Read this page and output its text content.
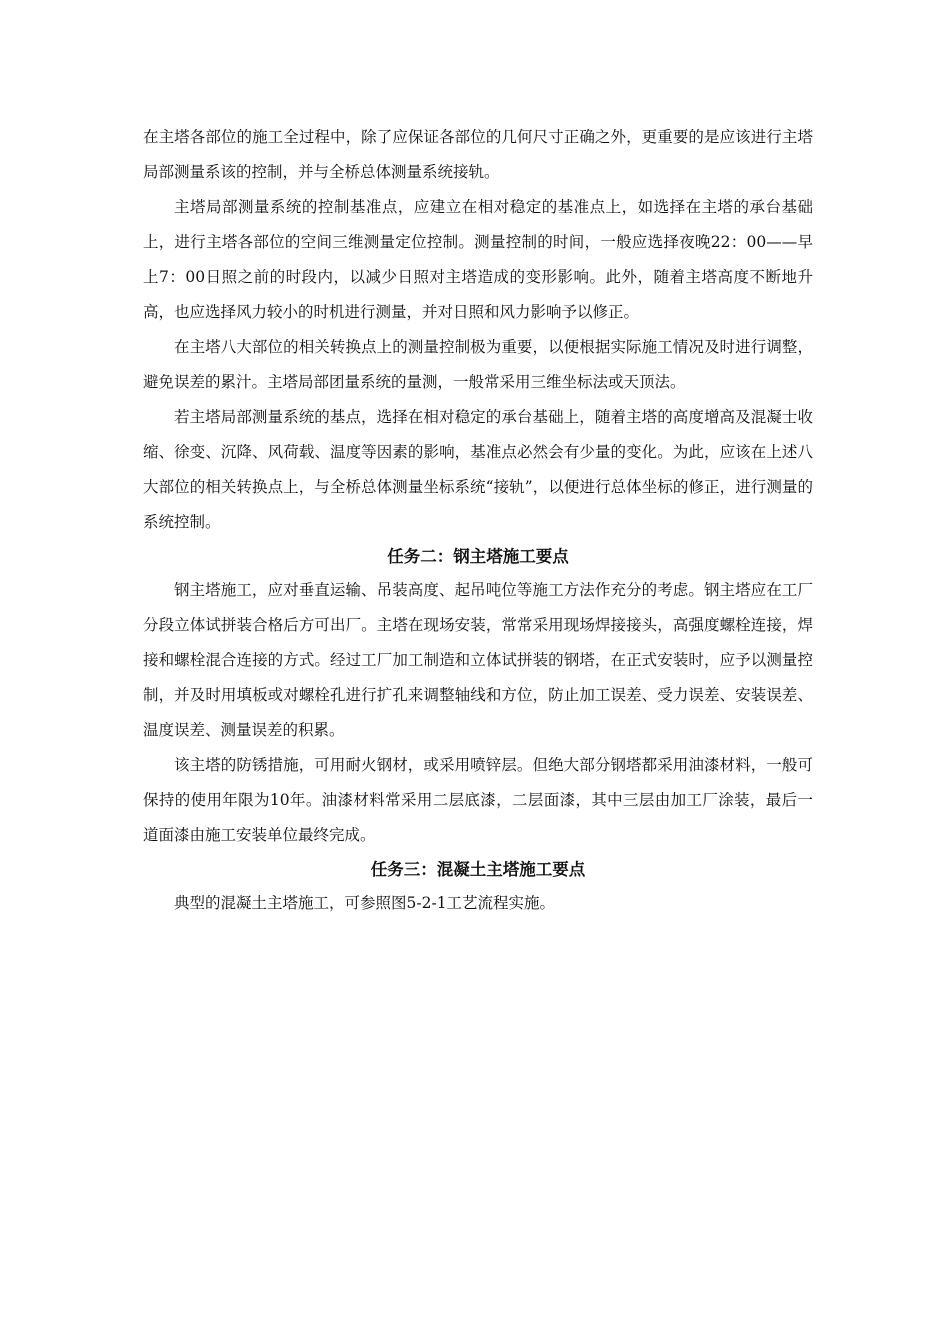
在主塔各部位的施工全过程中，除了应保证各部位的几何尺寸正确之外，更重要的是应该进行主塔局部测量系该的控制，并与全桥总体测量系统接轨。

主塔局部测量系统的控制基准点，应建立在相对稳定的基准点上，如选择在主塔的承台基础上，进行主塔各部位的空间三维测量定位控制。测量控制的时间，一般应选择夜晚22：00——早上7：00日照之前的时段内，以减少日照对主塔造成的变形影响。此外，随着主塔高度不断地升高，也应选择风力较小的时机进行测量，并对日照和风力影响予以修正。

在主塔八大部位的相关转换点上的测量控制极为重要，以便根据实际施工情况及时进行调整，避免误差的累汁。主塔局部团量系统的量测，一般常采用三维坐标法或天顶法。

若主塔局部测量系统的基点，选择在相对稳定的承台基础上，随着主塔的高度增高及混凝士收缩、徐变、沉降、风荷载、温度等因素的影响，基准点必然会有少量的变化。为此，应该在上述八大部位的相关转换点上，与全桥总体测量坐标系统“接轨”，以便进行总体坐标的修正，进行测量的系统控制。

任务二：钢主塔施工要点

钢主塔施工，应对垂直运输、吊装高度、起吊吨位等施工方法作充分的考虑。钢主塔应在工厂分段立体试拼装合格后方可出厂。主塔在现场安装，常常采用现场焊接接头，高强度螺栓连接，焊接和螺栓混合连接的方式。经过工厂加工制造和立体试拼装的钢塔，在正式安装时，应予以测量控制，并及时用填板或对螺栓孔进行扩孔来调整轴线和方位，防止加工误差、受力误差、安装误差、温度误差、测量误差的积累。

该主塔的防锈措施，可用耐火钢材，或采用喷锌层。但绝大部分钢塔都采用油漆材料，一般可保持的使用年限为10年。油漆材料常采用二层底漆，二层面漆，其中三层由加工厂涂装，最后一道面漆由施工安装单位最终完成。

任务三：混凝土主塔施工要点

典型的混凝土主塔施工，可参照图5-2-1工艺流程实施。
